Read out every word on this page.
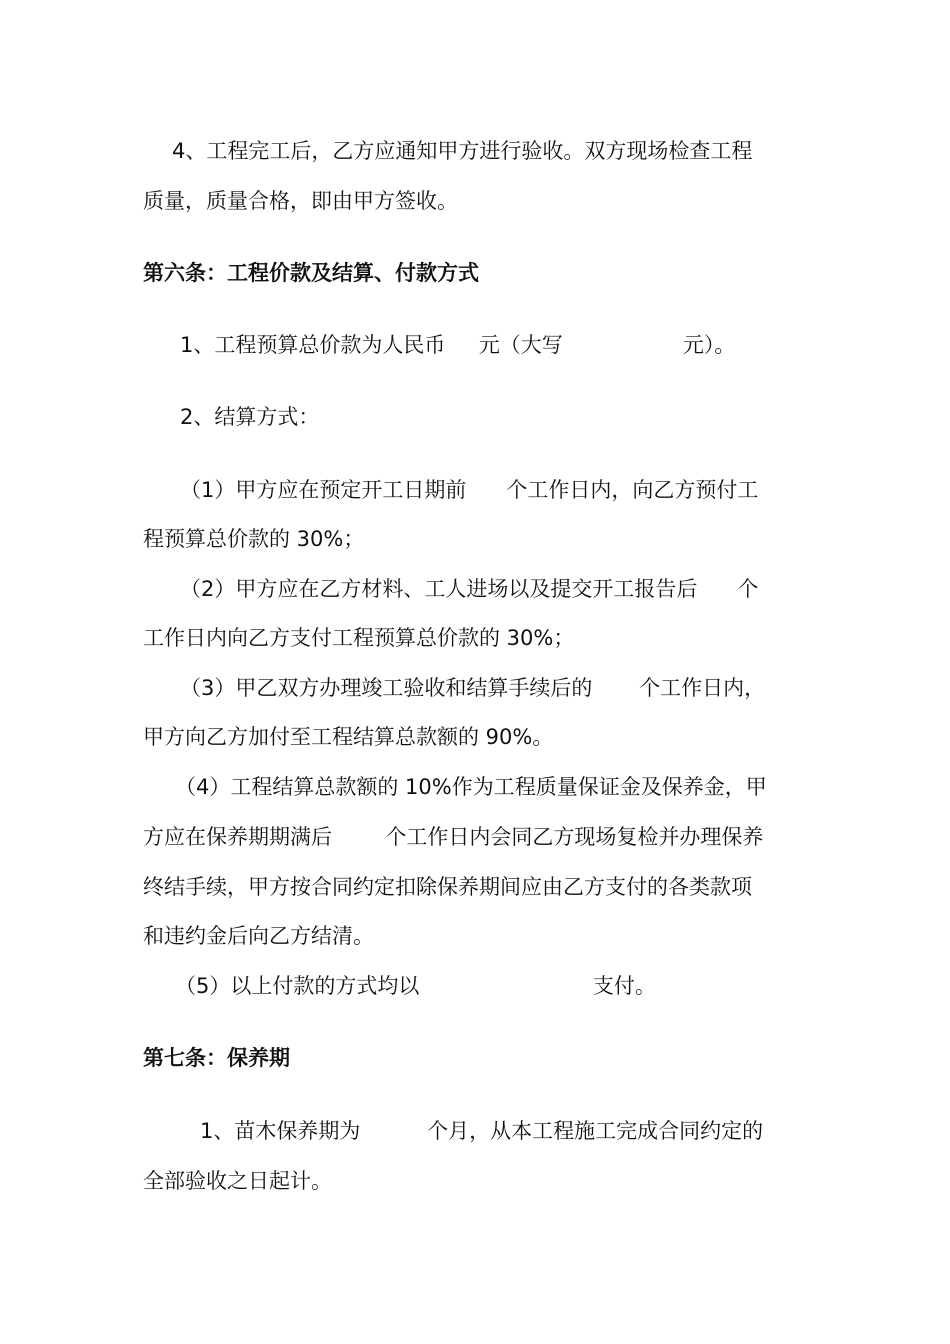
4、工程完工后，乙方应通知甲方进行验收。双方现场检查工程
质量，质量合格，即由甲方签收。
第六条：工程价款及结算、付款方式
1、工程预算总价款为人民币     元（大写                  元）。
2、结算方式：
（1）甲方应在预定开工日期前      个工作日内，向乙方预付工
程预算总价款的 30%；
（2）甲方应在乙方材料、工人进场以及提交开工报告后      个
工作日内向乙方支付工程预算总价款的 30%；
（3）甲乙双方办理竣工验收和结算手续后的       个工作日内，
甲方向乙方加付至工程结算总款额的 90%。
（4）工程结算总款额的 10%作为工程质量保证金及保养金，甲
方应在保养期期满后        个工作日内会同乙方现场复检并办理保养
终结手续，甲方按合同约定扣除保养期间应由乙方支付的各类款项
和违约金后向乙方结清。
（5）以上付款的方式均以                          支付。
第七条：保养期
1、苗木保养期为          个月，从本工程施工完成合同约定的
全部验收之日起计。
